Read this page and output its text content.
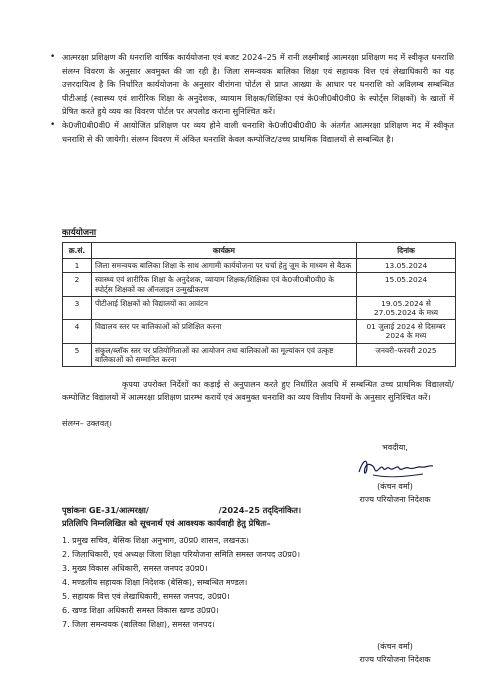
• आत्मरक्षा प्रशिक्षण की धनराशि वार्षिक कार्ययोजना एवं बजट 2024–25 में रानी लक्ष्मीबाई आत्मरक्षा प्रशिक्षण मद में स्वीकृत धनराशि संलग्न विवरण के अनुसार अवमुक्त की जा रही है। जिला समन्वयक बालिका शिक्षा एवं सहायक वित्त एवं लेखाधिकारी का यह उत्तरदायित्व है कि निर्धारित कार्ययोजना के अनुसार वीरांगना पोर्टल से प्राप्त आख्या के आधार पर धनराशि को अविलम्ब सम्बन्धित पीटीआई (स्वास्थ्य एवं शारीरिक शिक्षा के अनुदेशक, व्यायाम शिक्षक/शिक्षिका एवं के0जी0बी0वी0 के स्पोर्ट्स शिक्षकों) के खातों में प्रेषित करते हुये व्यय का विवरण पोर्टल पर अपलोड कराना सुनिश्चित करें।

• के0जी0बी0वी0 में आयोजित प्रशिक्षण पर व्यय होने वाली धनराशि के0जी0बी0वी0 के अंतर्गत आत्मरक्षा प्रशिक्षण मद में स्वीकृत धनराशि से की जायेगी। संलग्न विवरण में अंकित धनराशि केवल कम्पोजिट/उच्च प्राथमिक विद्यालयों से सम्बन्धित है।

कार्ययोजना
क्र.सं.	कार्यक्रम	दिनांक
1	जिला समन्वयक बालिका शिक्षा के साथ आगामी कार्ययोजना पर चर्चा हेतु ज़ूम के माध्यम से बैठक	13.05.2024
2	स्वास्थ्य एवं शारीरिक शिक्षा के अनुदेशक, व्यायाम शिक्षक/शिक्षिका एवं के0जी0बी0वी0 के स्पोर्ट्स शिक्षकों का ऑनलाइन उन्मुखीकरण	15.05.2024
3	पीटीआई शिक्षकों को विद्यालयों का आवंटन	19.05.2024 से 27.05.2024 के मध्य
4	विद्यालय स्तर पर बालिकाओं को प्रशिक्षित करना	01 जुलाई 2024 से दिसम्बर 2024 के मध्य
5	संकुल/ब्लॉक स्तर पर प्रतियोगिताओं का आयोजन तथा बालिकाओं का मूल्यांकन एवं उत्कृष्ट बालिकाओं को सम्मानित करना	जनवरी–फरवरी 2025

कृपया उपरोक्त निर्देशों का कड़ाई से अनुपालन करते हुए निर्धारित अवधि में सम्बन्धित उच्च प्राथमिक विद्यालयों/कम्पोजिट विद्यालयों में आत्मरक्षा प्रशिक्षण प्रारम्भ करायें एवं अवमुक्त धनराशि का व्यय वित्तीय नियमों के अनुसार सुनिश्चित करें।

संलग्न– उक्तवत्।
भवदीया,
(कंचन वर्मा)
राज्य परियोजना निदेशक
पृष्ठांकनः GE-31/आत्मरक्षा/	/2024–25 तद्‌दिनांकित।
प्रतिलिपि निम्नलिखित को सूचनार्थ एवं आवश्यक कार्यवाही हेतु प्रेषितः–
1. प्रमुख सचिव, बेसिक शिक्षा अनुभाग, उ0प्र0 शासन, लखनऊ।
2. जिलाधिकारी, एवं अध्यक्ष जिला शिक्षा परियोजना समिति समस्त जनपद उ0प्र0।
3. मुख्य विकास अधिकारी, समस्त जनपद उ0प्र0।
4. मण्डलीय सहायक शिक्षा निदेशक (बेसिक), सम्बन्धित मण्डल।
5. सहायक वित्त एवं लेखाधिकारी, समस्त जनपद, उ0प्र0।
6. खण्ड शिक्षा अधिकारी समस्त विकास खण्ड उ0प्र0।
7. जिला समन्वयक (बालिका शिक्षा), समस्त जनपद।
(कंचन वर्मा)
राज्य परियोजना निदेशक
